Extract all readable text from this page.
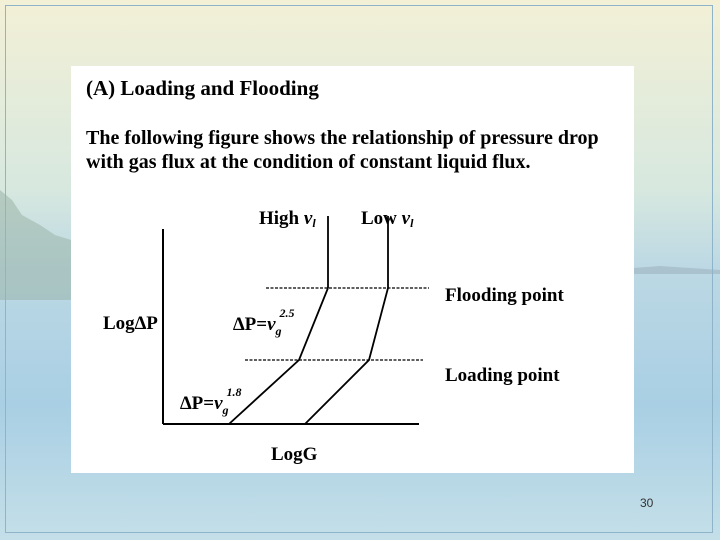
(A) Loading and Flooding
The following figure shows the relationship of pressure drop with gas flux at the condition of constant liquid flux.
High vl Low vl
Flooding point
Loading point
Log∆P
LogG
$\Delta P=v_g2.5$
$\Delta P=v_g1.8$
30
